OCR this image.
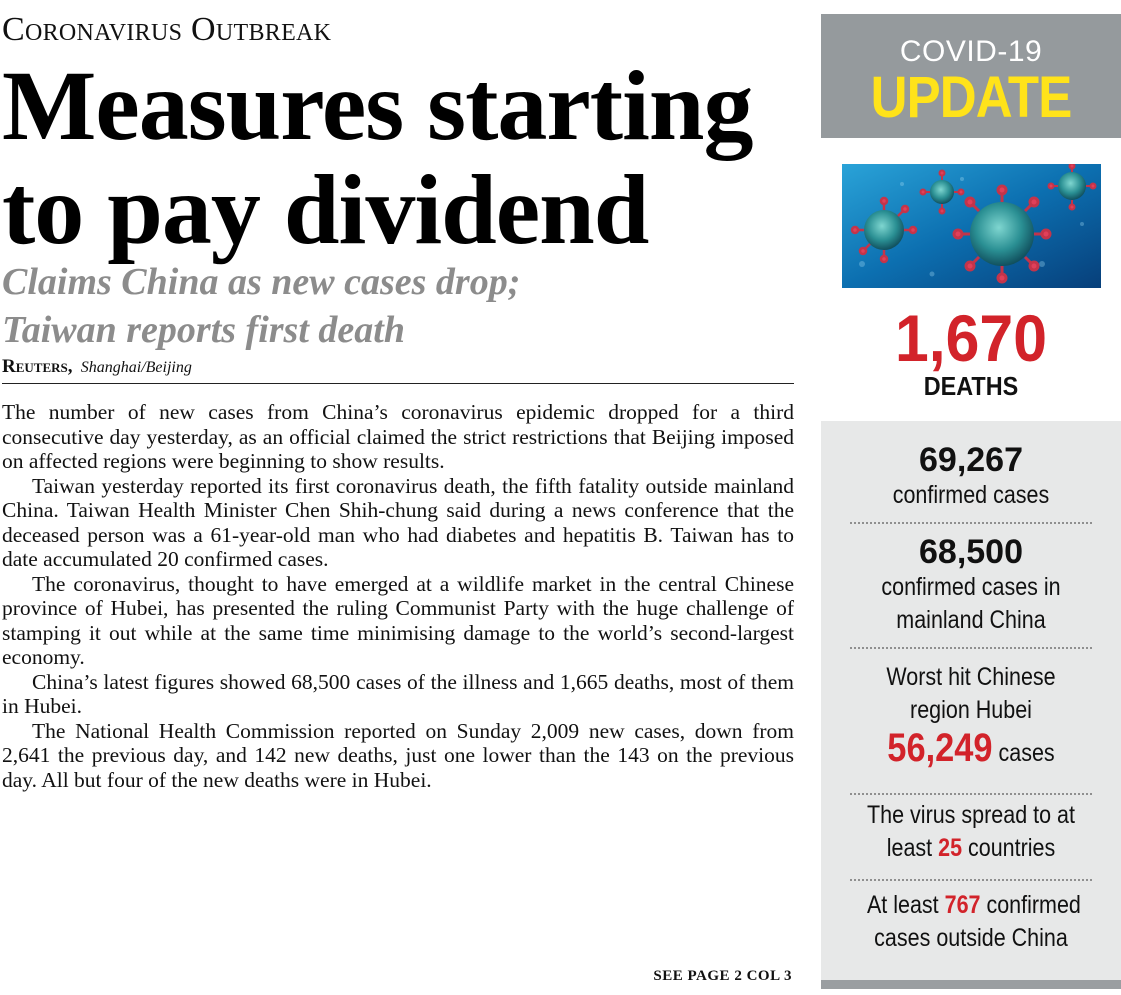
Coronavirus Outbreak
Measures starting
to pay dividend
Claims China as new cases drop;
Taiwan reports first death
Reuters, Shanghai/Beijing

The number of new cases from China’s coronavirus epidemic dropped for a third consecutive day yesterday, as an official claimed the strict restrictions that Beijing imposed on affected regions were beginning to show results.

Taiwan yesterday reported its first coronavirus death, the fifth fatality outside mainland China. Taiwan Health Minister Chen Shih-chung said during a news conference that the deceased person was a 61-year-old man who had diabetes and hepatitis B. Taiwan has to date accumulated 20 confirmed cases.

The coronavirus, thought to have emerged at a wildlife market in the central Chinese province of Hubei, has presented the ruling Communist Party with the huge challenge of stamping it out while at the same time minimising damage to the world’s second-largest economy.

China’s latest figures showed 68,500 cases of the illness and 1,665 deaths, most of them in Hubei.

The National Health Commission reported on Sunday 2,009 new cases, down from 2,641 the previous day, and 142 new deaths, just one lower than the 143 on the previous day. All but four of the new deaths were in Hubei.

SEE PAGE 2 COL 3
COVID-19
UPDATE
1,670
DEATHS
69,267
confirmed cases
68,500
confirmed cases in
mainland China
Worst hit Chinese
region Hubei
56,249 cases
The virus spread to at
least 25 countries
At least 767 confirmed
cases outside China
